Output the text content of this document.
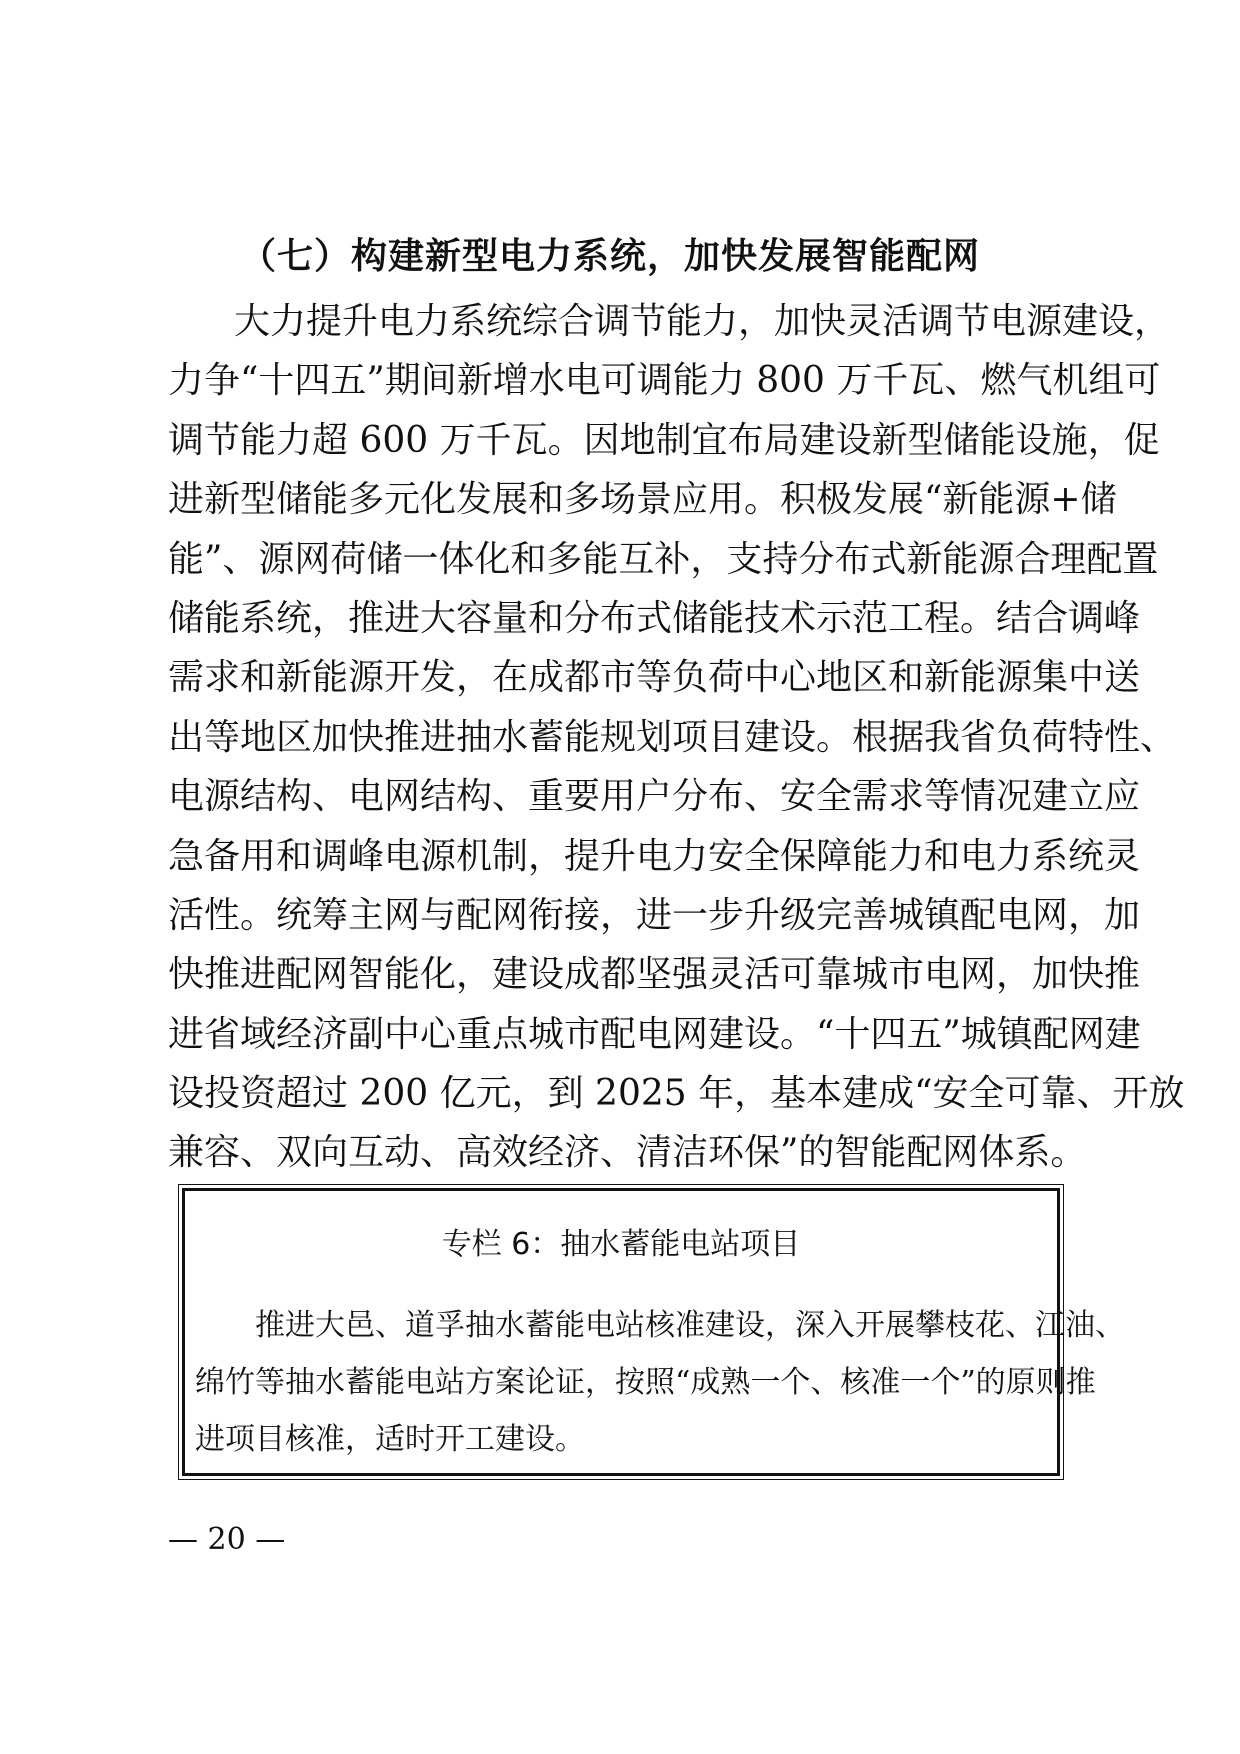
（七）构建新型电力系统，加快发展智能配网
大力提升电力系统综合调节能力，加快灵活调节电源建设，
力争“十四五”期间新增水电可调能力 800 万千瓦、燃气机组可
调节能力超 600 万千瓦。因地制宜布局建设新型储能设施，促
进新型储能多元化发展和多场景应用。积极发展“新能源+储
能”、源网荷储一体化和多能互补，支持分布式新能源合理配置
储能系统，推进大容量和分布式储能技术示范工程。结合调峰
需求和新能源开发，在成都市等负荷中心地区和新能源集中送
出等地区加快推进抽水蓄能规划项目建设。根据我省负荷特性、
电源结构、电网结构、重要用户分布、安全需求等情况建立应
急备用和调峰电源机制，提升电力安全保障能力和电力系统灵
活性。统筹主网与配网衔接，进一步升级完善城镇配电网，加
快推进配网智能化，建设成都坚强灵活可靠城市电网，加快推
进省域经济副中心重点城市配电网建设。“十四五”城镇配网建
设投资超过 200 亿元，到 2025 年，基本建成“安全可靠、开放
兼容、双向互动、高效经济、清洁环保”的智能配网体系。
专栏 6：抽水蓄能电站项目
推进大邑、道孚抽水蓄能电站核准建设，深入开展攀枝花、江油、
绵竹等抽水蓄能电站方案论证，按照“成熟一个、核准一个”的原则推
进项目核准，适时开工建设。
— 20 —
